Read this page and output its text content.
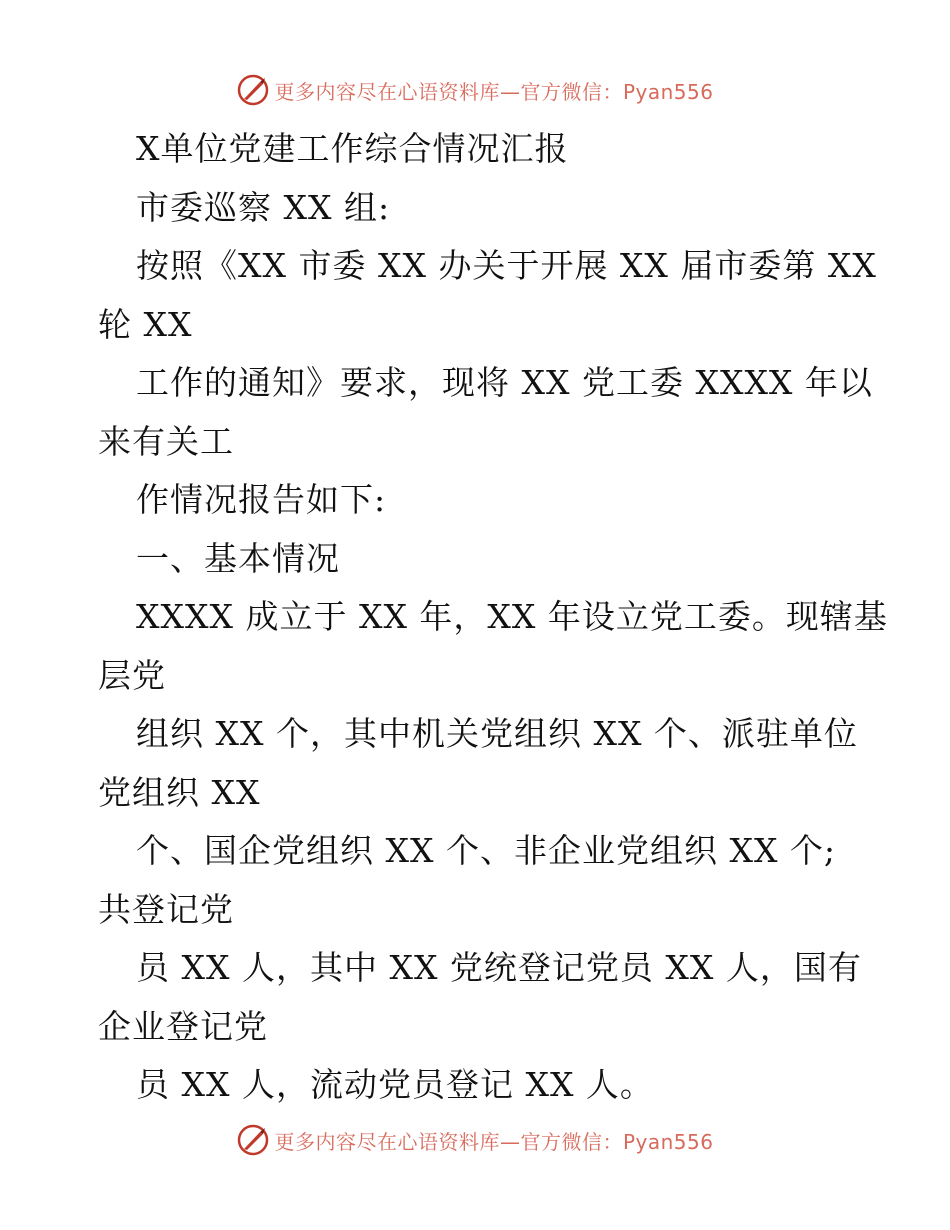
更多内容尽在心语资料库—官方微信：Pyan556
X单位党建工作综合情况汇报
市委巡察 XX 组:
按照《XX 市委 XX 办关于开展 XX 届市委第 XX
轮 XX
工作的通知》要求，现将 XX 党工委 XXXX 年以
来有关工
作情况报告如下:
一、基本情况
XXXX 成立于 XX 年，XX 年设立党工委。现辖基
层党
组织 XX 个，其中机关党组织 XX 个、派驻单位
党组织 XX
个、国企党组织 XX 个、非企业党组织 XX 个;
共登记党
员 XX 人，其中 XX 党统登记党员 XX 人，国有
企业登记党
员 XX 人，流动党员登记 XX 人。
更多内容尽在心语资料库—官方微信：Pyan556
